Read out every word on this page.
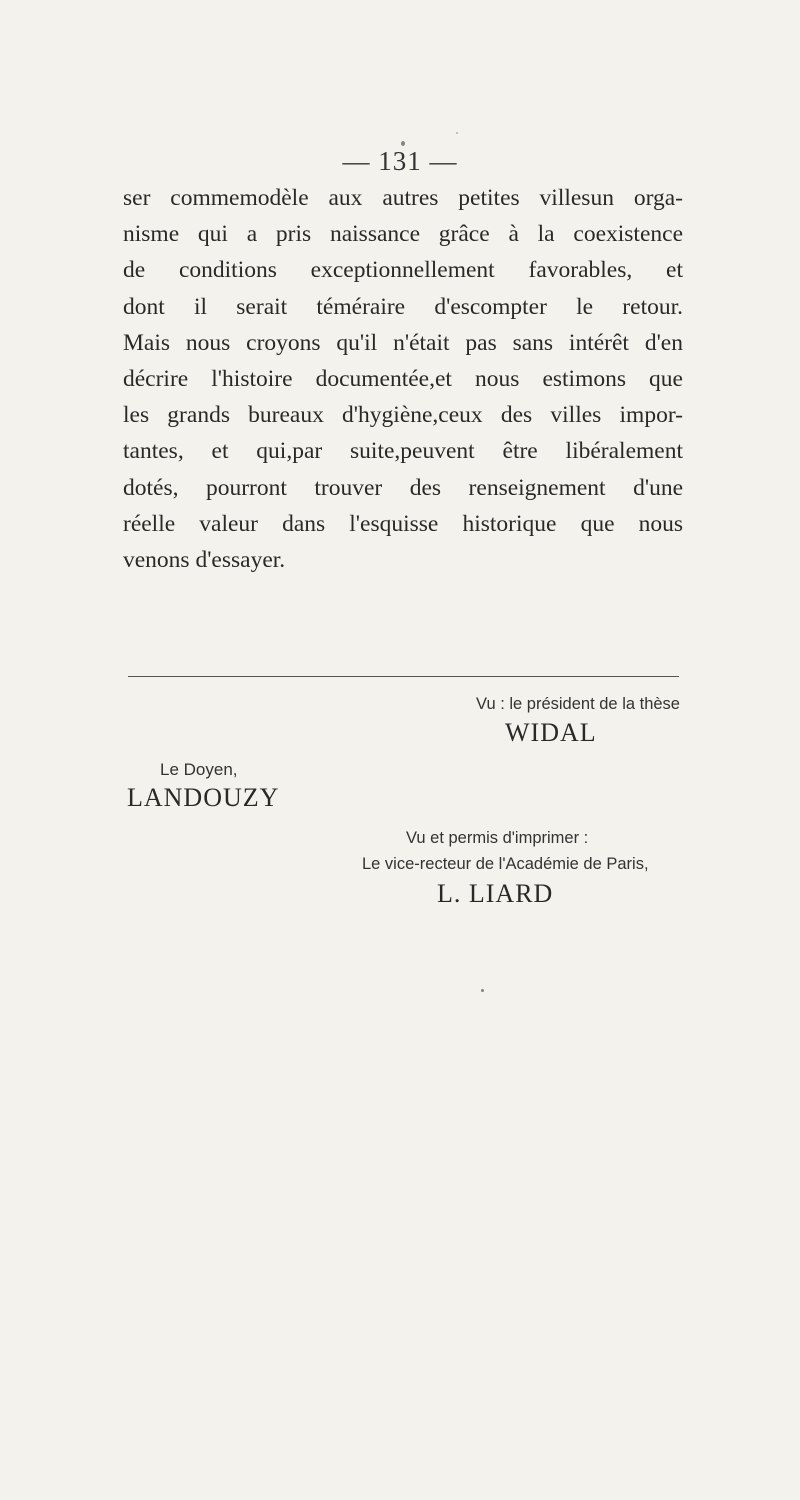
— 131 —
ser commemodèle aux autres petites villesun orga-
nisme qui a pris naissance grâce à la coexistence
de conditions exceptionnellement favorables, et
dont il serait téméraire d'escompter le retour.
Mais nous croyons qu'il n'était pas sans intérêt d'en
décrire l'histoire documentée,et nous estimons que
les grands bureaux d'hygiène,ceux des villes impor-
tantes, et qui,par suite,peuvent être libéralement
dotés, pourront trouver des renseignement d'une
réelle valeur dans l'esquisse historique que nous
venons d'essayer.
Vu : le président de la thèse
WIDAL
Le Doyen,
LANDOUZY
Vu et permis d'imprimer :
Le vice-recteur de l'Académie de Paris,
L. LIARD
